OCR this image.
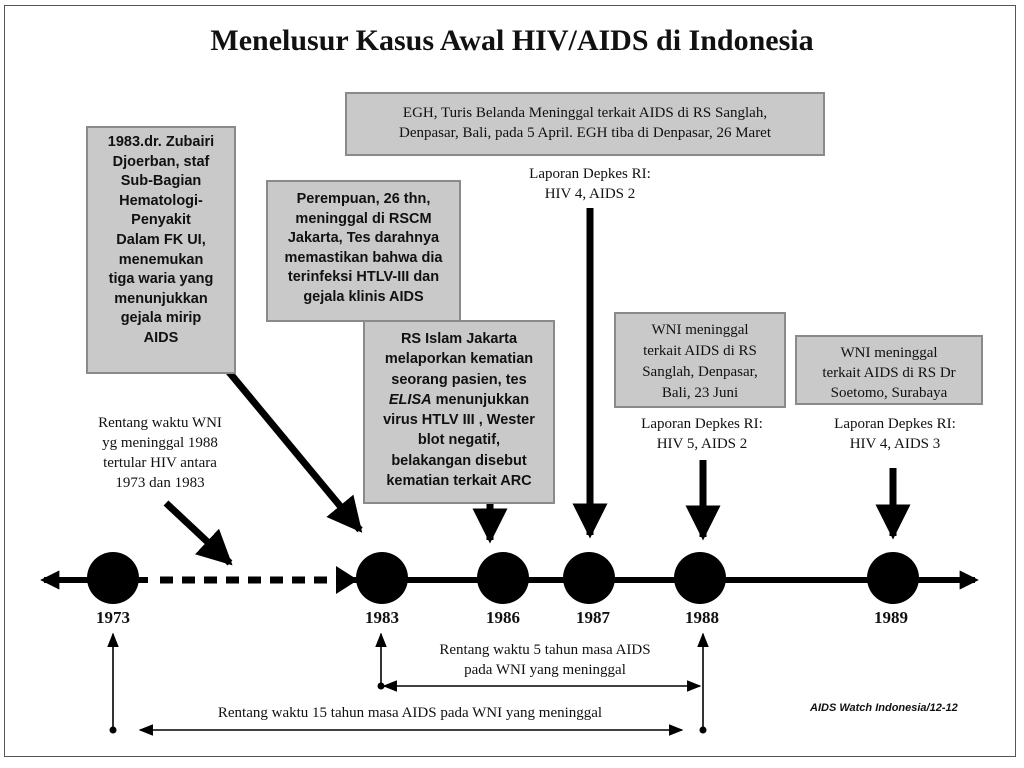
Menelusur Kasus Awal HIV/AIDS di Indonesia
1983.dr. Zubairi
Djoerban, staf
Sub-Bagian
Hematologi-
Penyakit
Dalam FK UI,
menemukan
tiga waria yang
menunjukkan
gejala mirip
AIDS
EGH, Turis Belanda Meninggal terkait AIDS di RS Sanglah,
Denpasar, Bali, pada 5 April. EGH tiba di Denpasar, 26 Maret
Perempuan, 26 thn,
meninggal di RSCM
Jakarta, Tes darahnya
memastikan bahwa dia
terinfeksi HTLV-III dan
gejala klinis AIDS
RS Islam Jakarta
melaporkan kematian
seorang pasien, tes
ELISA menunjukkan
virus HTLV III , Wester
blot negatif,
belakangan disebut
kematian terkait ARC
WNI meninggal
terkait AIDS di RS
Sanglah, Denpasar,
Bali, 23 Juni
WNI meninggal
terkait AIDS di RS Dr
Soetomo, Surabaya
Laporan Depkes RI:
HIV 4, AIDS 2
Laporan Depkes RI:
HIV 5, AIDS 2
Laporan Depkes RI:
HIV 4, AIDS 3
Rentang waktu WNI
yg meninggal 1988
tertular HIV antara
1973 dan 1983
Rentang waktu 5 tahun masa AIDS
pada WNI yang meninggal
Rentang waktu 15 tahun masa AIDS pada WNI yang meninggal
1973	1983	1986	1987	1988	1989
AIDS Watch Indonesia/12-12
